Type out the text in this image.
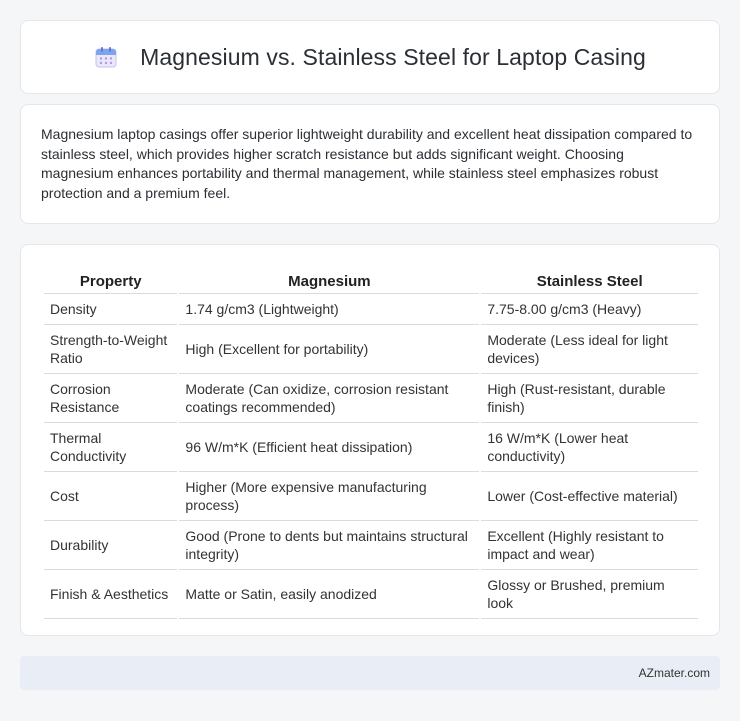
Magnesium vs. Stainless Steel for Laptop Casing

Magnesium laptop casings offer superior lightweight durability and excellent heat dissipation compared to stainless steel, which provides higher scratch resistance but adds significant weight. Choosing magnesium enhances portability and thermal management, while stainless steel emphasizes robust protection and a premium feel.

Property	Magnesium	Stainless Steel
Density	1.74 g/cm3 (Lightweight)	7.75-8.00 g/cm3 (Heavy)
Strength-to-Weight Ratio	High (Excellent for portability)	Moderate (Less ideal for light devices)
Corrosion Resistance	Moderate (Can oxidize, corrosion resistant coatings recommended)	High (Rust-resistant, durable finish)
Thermal Conductivity	96 W/m*K (Efficient heat dissipation)	16 W/m*K (Lower heat conductivity)
Cost	Higher (More expensive manufacturing process)	Lower (Cost-effective material)
Durability	Good (Prone to dents but maintains structural integrity)	Excellent (Highly resistant to impact and wear)
Finish & Aesthetics	Matte or Satin, easily anodized	Glossy or Brushed, premium look
AZmater.com
